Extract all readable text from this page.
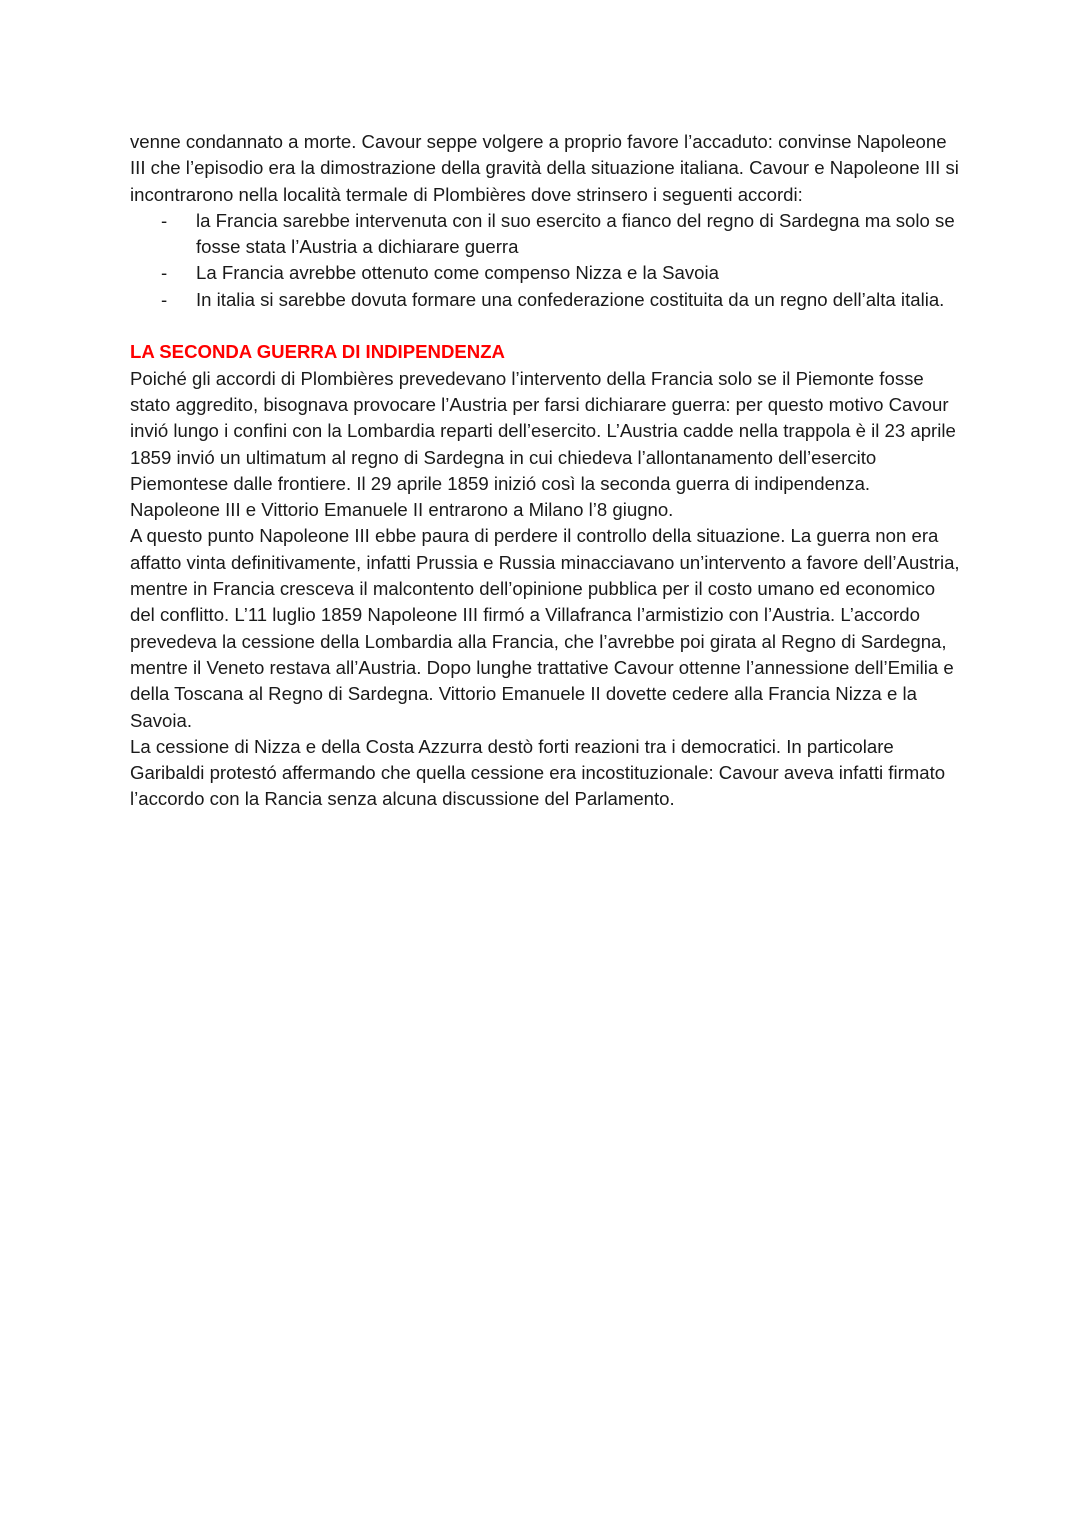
venne condannato a morte. Cavour seppe volgere a proprio favore l’accaduto: convinse Napoleone III che l’episodio era la dimostrazione della gravità della situazione italiana. Cavour e Napoleone III si incontrarono nella località termale di Plombières dove strinsero i seguenti accordi:

- la Francia sarebbe intervenuta con il suo esercito a fianco del regno di Sardegna ma solo se fosse stata l’Austria a dichiarare guerra
- La Francia avrebbe ottenuto come compenso Nizza e la Savoia
- In italia si sarebbe dovuta formare una confederazione costituita da un regno dell’alta italia.
LA SECONDA GUERRA DI INDIPENDENZA

Poiché gli accordi di Plombières prevedevano l’intervento della Francia solo se il Piemonte fosse stato aggredito, bisognava provocare l’Austria per farsi dichiarare guerra: per questo motivo Cavour invió lungo i confini con la Lombardia reparti dell’esercito. L’Austria cadde nella trappola è il 23 aprile 1859 invió un ultimatum al regno di Sardegna in cui chiedeva l’allontanamento dell’esercito Piemontese dalle frontiere. Il 29 aprile 1859 inizió così la seconda guerra di indipendenza. Napoleone III e Vittorio Emanuele II entrarono a Milano l’8 giugno.

A questo punto Napoleone III ebbe paura di perdere il controllo della situazione. La guerra non era affatto vinta definitivamente, infatti Prussia e Russia minacciavano un’intervento a favore dell’Austria, mentre in Francia cresceva il malcontento dell’opinione pubblica per il costo umano ed economico del conflitto. L’11 luglio 1859 Napoleone III firmó a Villafranca l’armistizio con l’Austria. L’accordo prevedeva la cessione della Lombardia alla Francia, che l’avrebbe poi girata al Regno di Sardegna, mentre il Veneto restava all’Austria. Dopo lunghe trattative Cavour ottenne l’annessione dell’Emilia e della Toscana al Regno di Sardegna. Vittorio Emanuele II dovette cedere alla Francia Nizza e la Savoia.

La cessione di Nizza e della Costa Azzurra destò forti reazioni tra i democratici. In particolare Garibaldi protestó affermando che quella cessione era incostituzionale: Cavour aveva infatti firmato l’accordo con la Rancia senza alcuna discussione del Parlamento.
